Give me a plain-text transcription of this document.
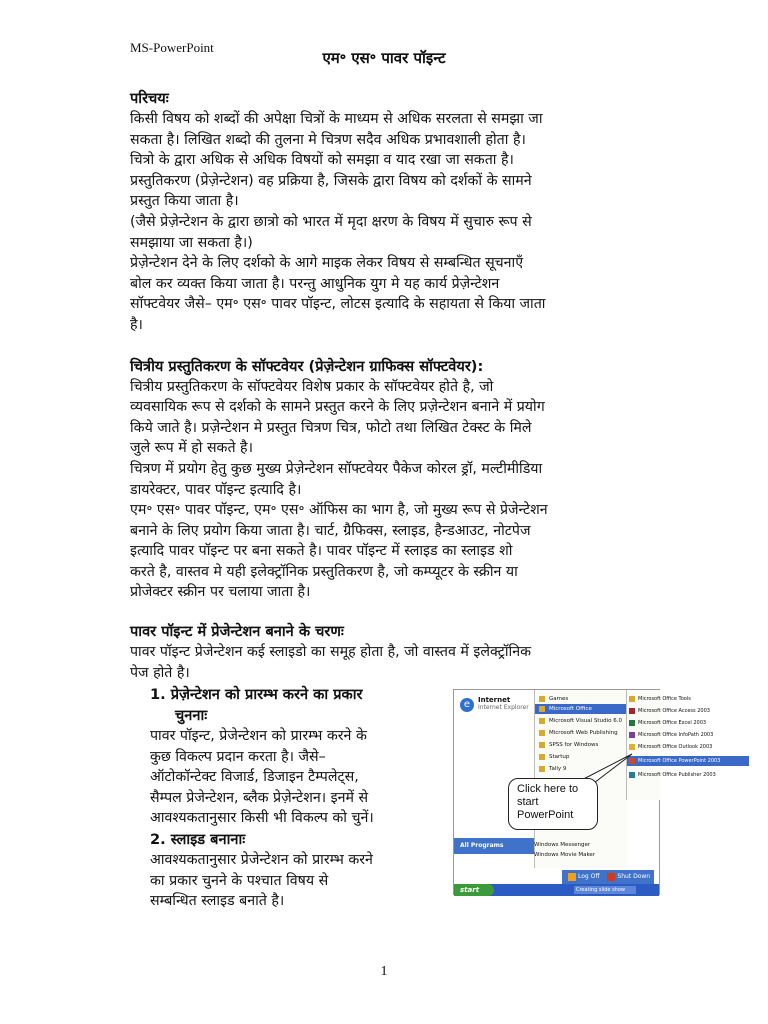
MS-PowerPoint
एम॰ एस॰ पावर पॉइन्ट
परिचयः

किसी विषय को शब्दों की अपेक्षा चित्रों के माध्यम से अधिक सरलता से समझा जा

सकता है। लिखित शब्दो की तुलना मे चित्रण सदैव अधिक प्रभावशाली होता है।

चित्रो के द्वारा अधिक से अधिक विषयों को समझा व याद रखा जा सकता है।

प्रस्तुतिकरण (प्रेज़ेन्टेशन) वह प्रक्रिया है, जिसके द्वारा विषय को दर्शकों के सामने

प्रस्तुत किया जाता है।

(जैसे प्रेज़ेन्टेशन के द्वारा छात्रो को भारत में मृदा क्षरण के विषय में सुचारु रूप से

समझाया जा सकता है।)

प्रेज़ेन्टेशन देने के लिए दर्शको के आगे माइक लेकर विषय से सम्बन्धित सूचनाएँ

बोल कर व्यक्त किया जाता है। परन्तु आधुनिक युग मे यह कार्य प्रेज़ेन्टेशन

सॉफ्टवेयर जैसे– एम॰ एस॰ पावर पॉइन्ट, लोटस इत्यादि के सहायता से किया जाता

है।

चित्रीय प्रस्तुतिकरण के सॉफ्टवेयर (प्रेज़ेन्टेशन ग्राफिक्स सॉफ्टवेयर):

चित्रीय प्रस्तुतिकरण के सॉफ्टवेयर विशेष प्रकार के सॉफ्टवेयर होते है, जो

व्यवसायिक रूप से दर्शको के सामने प्रस्तुत करने के लिए प्रज़ेन्टेशन बनाने में प्रयोग

किये जाते है। प्रज़ेन्टेशन मे प्रस्तुत चित्रण चित्र, फोटो तथा लिखित टेक्स्ट के मिले

जुले रूप में हो सकते है।

चित्रण में प्रयोग हेतु कुछ मुख्य प्रेज़ेन्टेशन सॉफ्टवेयर पैकेज कोरल ड्रॉ, मल्टीमीडिया

डायरेक्टर, पावर पॉइन्ट इत्यादि है।

एम॰ एस॰ पावर पॉइन्ट, एम॰ एस॰ ऑफिस का भाग है, जो मुख्य रूप से प्रेजेन्टेशन

बनाने के लिए प्रयोग किया जाता है। चार्ट, ग्रैफिक्स, स्लाइड, हैन्डआउट, नोटपेज

इत्यादि पावर पॉइन्ट पर बना सकते है। पावर पॉइन्ट में स्लाइड का स्लाइड शो

करते है, वास्तव मे यही इलेक्ट्रॉनिक प्रस्तुतिकरण है, जो कम्प्यूटर के स्क्रीन या

प्रोजेक्टर स्क्रीन पर चलाया जाता है।

पावर पॉइन्ट में प्रेजेन्टेशन बनाने के चरणः

पावर पॉइन्ट प्रेजेन्टेशन कई स्लाइडो का समूह होता है, जो वास्तव में इलेक्ट्रॉनिक

पेज होते है।

1. प्रेज़ेन्टेशन को प्रारम्भ करने का प्रकार
चुननाः

पावर पॉइन्ट, प्रेजेन्टेशन को प्रारम्भ करने के

कुछ विकल्प प्रदान करता है। जैसे–

ऑटोकॉन्टेक्ट विजार्ड, डिजाइन टैम्पलेट्स,

सैम्पल प्रेजेन्टेशन, ब्लैक प्रेज़ेन्टेशन। इनमें से

आवश्यकतानुसार किसी भी विकल्प को चुनें।

2. स्लाइड बनानाः

आवश्यकतानुसार प्रेजेन्टेशन को प्रारम्भ करने

का प्रकार चुनने के पश्चात विषय से

सम्बन्धित स्लाइड बनाते है।

e	Internet
Internet Explorer
All Programs
Games
Microsoft Office
Microsoft Visual Studio 6.0
Microsoft Web Publishing
SPSS for Windows
Startup
Tally 9
Windows Messenger
Windows Movie Maker
Microsoft Office Tools
Microsoft Office Access 2003
Microsoft Office Excel 2003
Microsoft Office InfoPath 2003
Microsoft Office Outlook 2003
Microsoft Office PowerPoint 2003
Microsoft Office Publisher 2003
Log Off	Shut Down
start	Creating slide show
Click here to start PowerPoint
1
